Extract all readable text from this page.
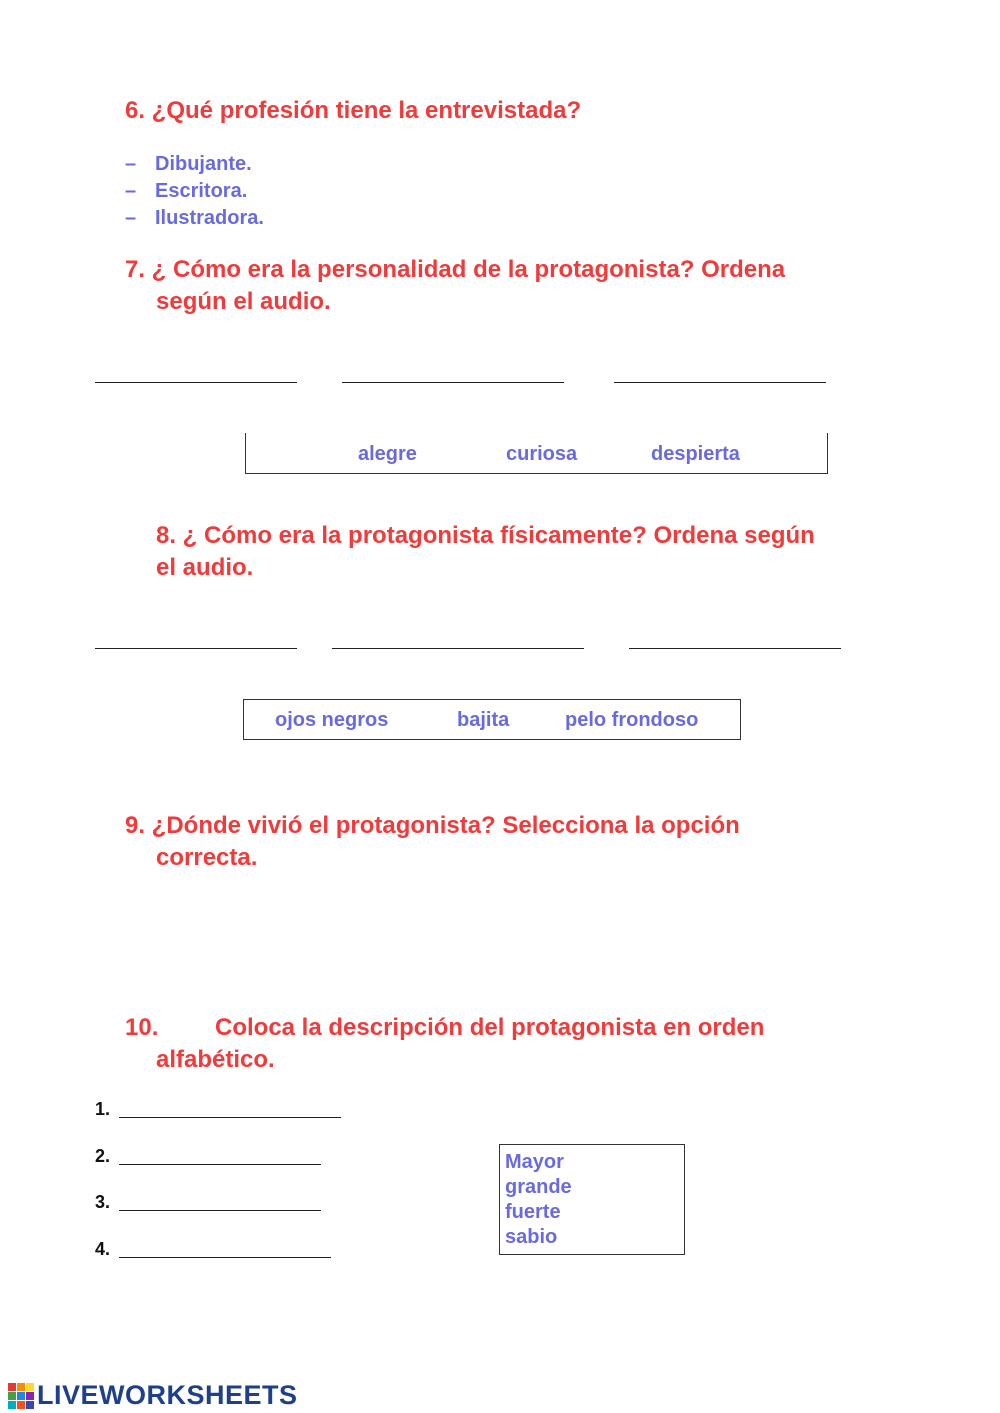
6. ¿Qué profesión tiene la entrevistada?
– Dibujante.
– Escritora.
– Ilustradora.
7. ¿ Cómo era la personalidad de la protagonista? Ordena
según el audio.
alegre	curiosa	despierta
8. ¿ Cómo era la protagonista físicamente? Ordena según
el audio.
ojos negros	bajita	pelo frondoso
9. ¿Dónde vivió el protagonista? Selecciona la opción
correcta.
10. Coloca la descripción del protagonista en orden
alfabético.
1.
2.
3.
4.
Mayor
grande
fuerte
sabio
LIVEWORKSHEETS
